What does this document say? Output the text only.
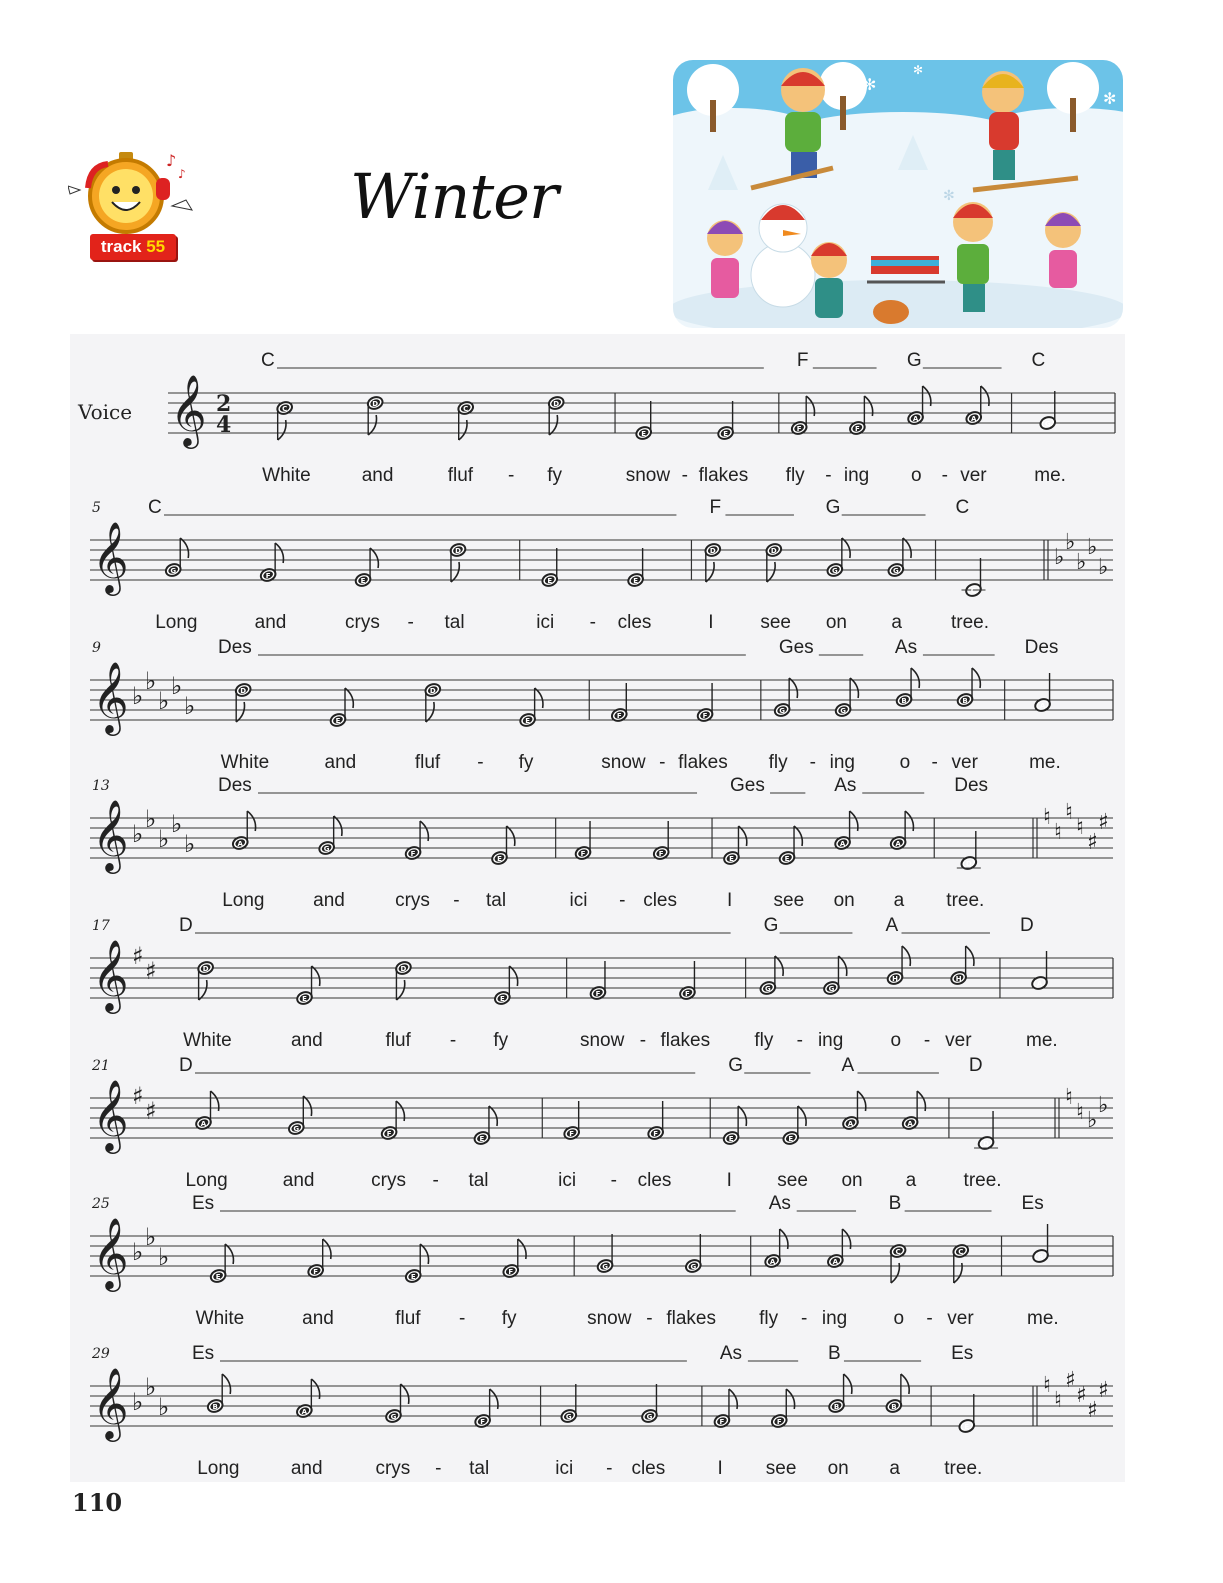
♪
♪
track 55
Winter
✻
✻
✻
✻
𝄞 2
4
C
D
C
D
E	E
F	F
A	A
G
C	F	G	C
White	and	fluf - fy	snow - flakes fly - ing o - ver	me.
Voice
𝄞	♭
♭
♭
♭
♭
G
F
E
D
E	E
D	D
G	G
C
C	F	G	C
Long	and	crys - tal	ici - cles	I see on a	tree.
5
𝄞 ♭
♭
♭
♭
♭
D
E
D
E
F	F
G	G
B	B
A
Des	Ges	As	Des
White	and	fluf - fy	snow - flakes fly - ing o - ver	me.
9
𝄞 ♭
♭
♭
♭
♭
♮
♮
♮
♮
♯
♯
A
G
F
E
F	F
E	E
A	A
D
Des	Ges	As	Des
Long	and	crys - tal	ici - cles	I see on a tree.
13
𝄞 ♯
♯	D
E
D
E
F	F
G	G
H	H
A
D	G	A	D
White	and	fluf - fy	snow - flakes fly - ing o - ver	me.
17
𝄞 ♯
♯	♮
♮ ♭
♭
A
G
F
E
F	F
E	E
A	A
D
D	G	A	D
Long	and	crys - tal	ici - cles	I see on a tree.
21
𝄞 ♭
♭
♭
E
F
E
F
G	G
A	A
C	C
B
Es	As	B	Es
White	and	fluf - fy	snow - flakes fly - ing o - ver	me.
25
𝄞 ♭
♭
♭
♮
♮
♯
♯
♯
♯
B
A
G
F
G	G
F	F
B	B
E
Es	As	B	Es
Long	and	crys - tal	ici - cles	I see on a tree.
29
110
